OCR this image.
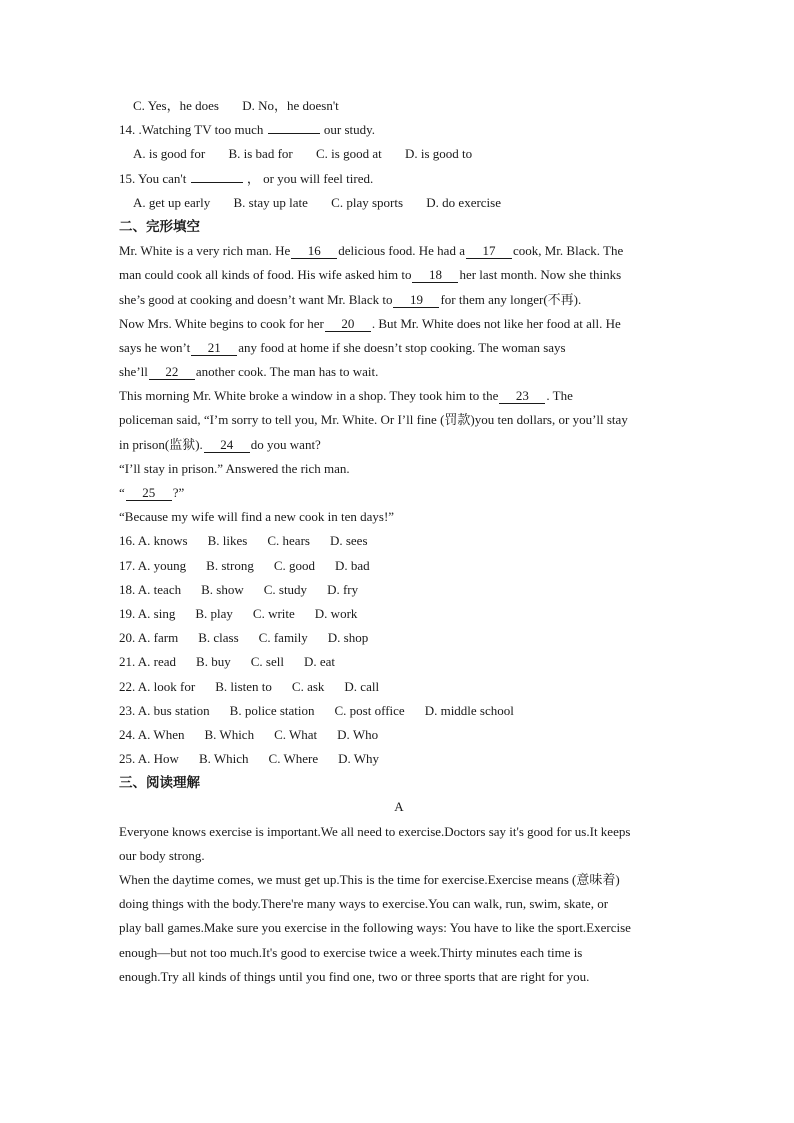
C. Yes，he does D. No，he doesn't
14. .Watching TV too much	our study.
A. is good for B. is bad for C. is good at D. is good to
15. You can't	， or you will feel tired.
A. get up early B. stay up late C. play sports D. do exercise
二、完形填空
Mr. White is a very rich man. He 16 delicious food. He had a 17 cook, Mr. Black. The
man could cook all kinds of food. His wife asked him to 18 her last month. Now she thinks
she’s good at cooking and doesn’t want Mr. Black to 19 for them any longer(不再).
Now Mrs. White begins to cook for her 20 . But Mr. White does not like her food at all. He
says he won’t 21 any food at home if she doesn’t stop cooking. The woman says
she’ll 22 another cook. The man has to wait.
This morning Mr. White broke a window in a shop. They took him to the 23 . The
policeman said, “I’m sorry to tell you, Mr. White. Or I’ll fine (罚款)you ten dollars, or you’ll stay
in prison(监狱). 24 do you want?
“I’ll stay in prison.” Answered the rich man.
“ 25 ?”
“Because my wife will find a new cook in ten days!”
16. A. knows B. likes C. hears D. sees
17. A. young B. strong C. good D. bad
18. A. teach B. show C. study D. fry
19. A. sing B. play C. write D. work
20. A. farm B. class C. family D. shop
21. A. read B. buy C. sell D. eat
22. A. look for B. listen to C. ask D. call
23. A. bus station B. police station C. post office D. middle school
24. A. When B. Which C. What D. Who
25. A. How B. Which C. Where D. Why
三、阅读理解
A
Everyone knows exercise is important.We all need to exercise.Doctors say it's good for us.It keeps
our body strong.
When the daytime comes, we must get up.This is the time for exercise.Exercise means (意味着)
doing things with the body.There're many ways to exercise.You can walk, run, swim, skate, or
play ball games.Make sure you exercise in the following ways: You have to like the sport.Exercise
enough—but not too much.It's good to exercise twice a week.Thirty minutes each time is
enough.Try all kinds of things until you find one, two or three sports that are right for you.
